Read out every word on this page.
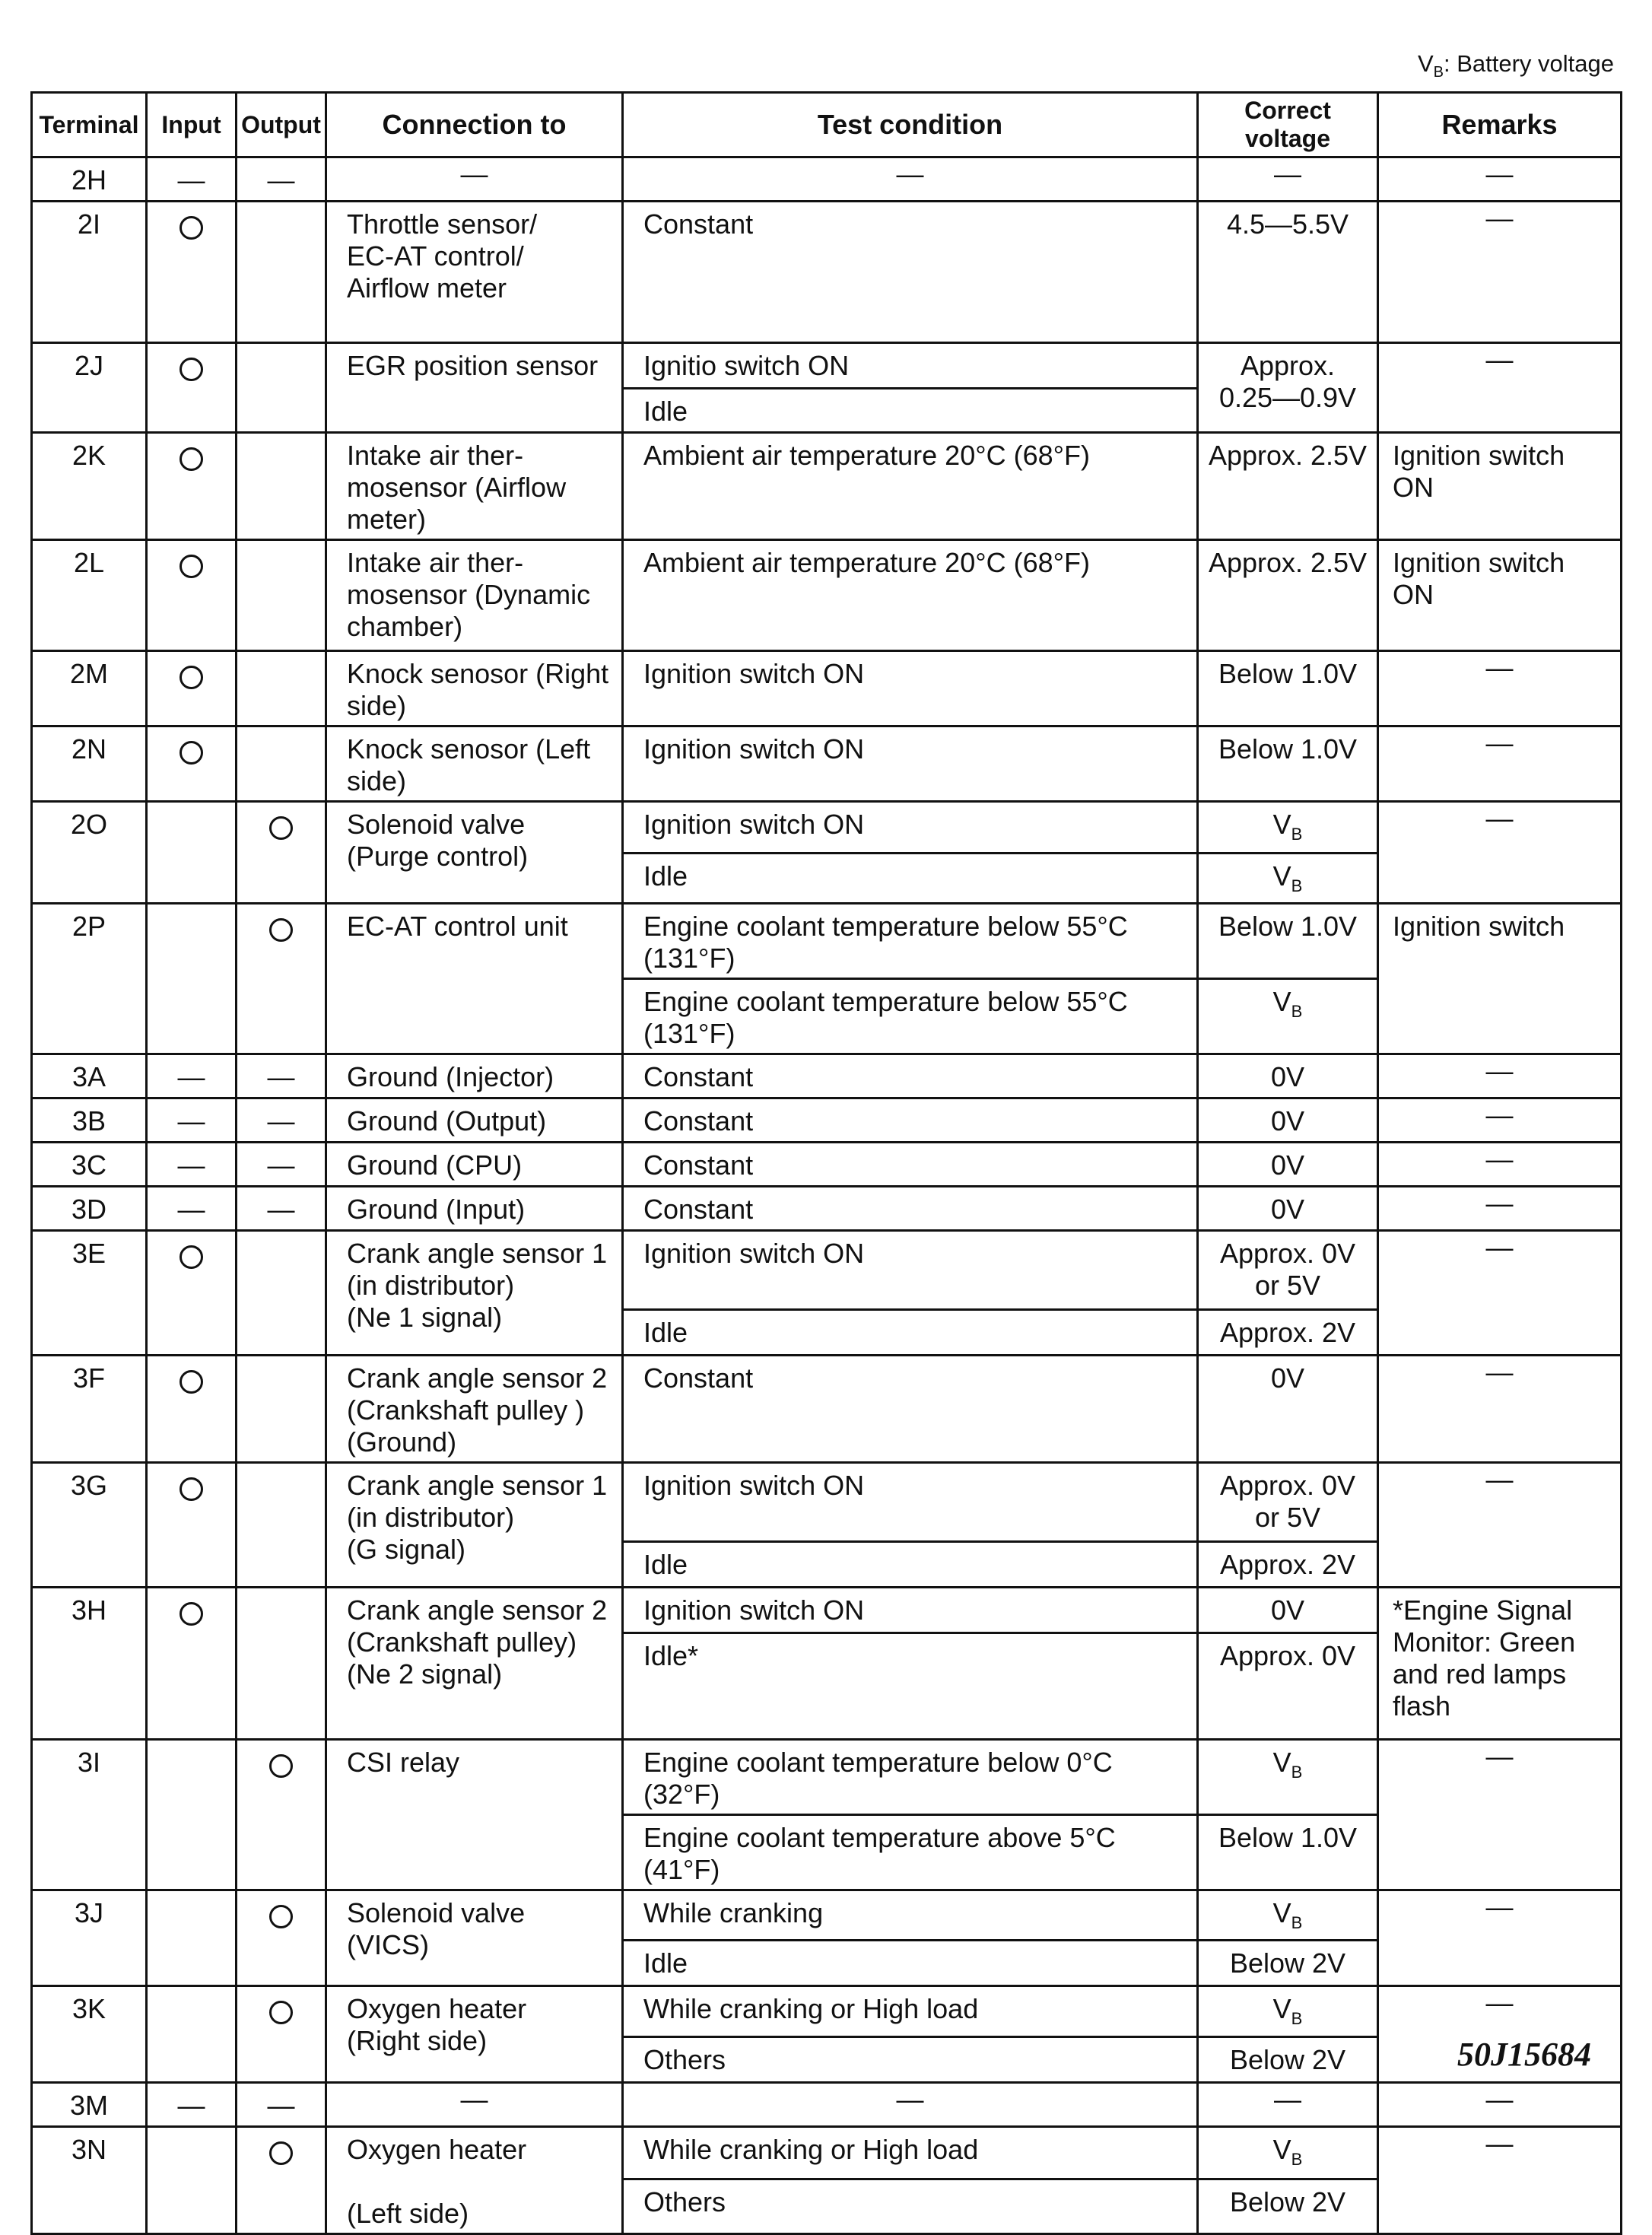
$V_B$: Battery voltage
Terminal	Input	Output	Connection to	Test condition	Correct voltage	Remarks
2H	—	—	—	—	—	—
2I			Throttle sensor/
EC-AT control/
Airflow meter	Constant	4.5—5.5V	—
2J			EGR position sensor	Ignitio switch ON	Approx.
0.25—0.9V	—
				Idle		
2K			Intake air ther-
mosensor (Airflow
meter)	Ambient air temperature 20°C (68°F)	Approx. 2.5V	Ignition switch
ON
2L			Intake air ther-
mosensor (Dynamic
chamber)	Ambient air temperature 20°C (68°F)	Approx. 2.5V	Ignition switch
ON
2M			Knock senosor (Right side)	Ignition switch ON	Below 1.0V	—
2N			Knock senosor (Left side)	Ignition switch ON	Below 1.0V	—
2O			Solenoid valve
(Purge control)	Ignition switch ON	$V_B$	—
				Idle	$V_B$
2P			EC-AT control unit	Engine coolant temperature below 55°C (131°F)	Below 1.0V	Ignition switch
				Engine coolant temperature below 55°C (131°F)	$V_B$
3A	—	—	Ground (Injector)	Constant	0V	—
3B	—	—	Ground (Output)	Constant	0V	—
3C	—	—	Ground (CPU)	Constant	0V	—
3D	—	—	Ground (Input)	Constant	0V	—
3E			Crank angle sensor 1
(in distributor)
(Ne 1 signal)	Ignition switch ON	Approx. 0V
or 5V	—
				Idle	Approx. 2V	
3F			Crank angle sensor 2
(Crankshaft pulley )
(Ground)	Constant	0V	—
3G			Crank angle sensor 1
(in distributor)
(G signal)	Ignition switch ON	Approx. 0V
or 5V	—
				Idle	Approx. 2V	
3H			Crank angle sensor 2
(Crankshaft pulley)
(Ne 2 signal)	Ignition switch ON	0V	*Engine Signal
Monitor: Green
and red lamps
flash
				Idle*	Approx. 0V	
3I			CSI relay	Engine coolant temperature below 0°C (32°F)	$V_B$	—
				Engine coolant temperature above 5°C (41°F)	Below 1.0V	
3J			Solenoid valve
(VICS)	While cranking	$V_B$	—
				Idle	Below 2V	
3K			Oxygen heater
(Right side)	While cranking or High load	$V_B$	—
				Others	Below 2V	
3M	—	—	—	—	—	—
3N			Oxygen heater

(Left side)	While cranking or High load	$V_B$	—
				Others	Below 2V	
50J15684
